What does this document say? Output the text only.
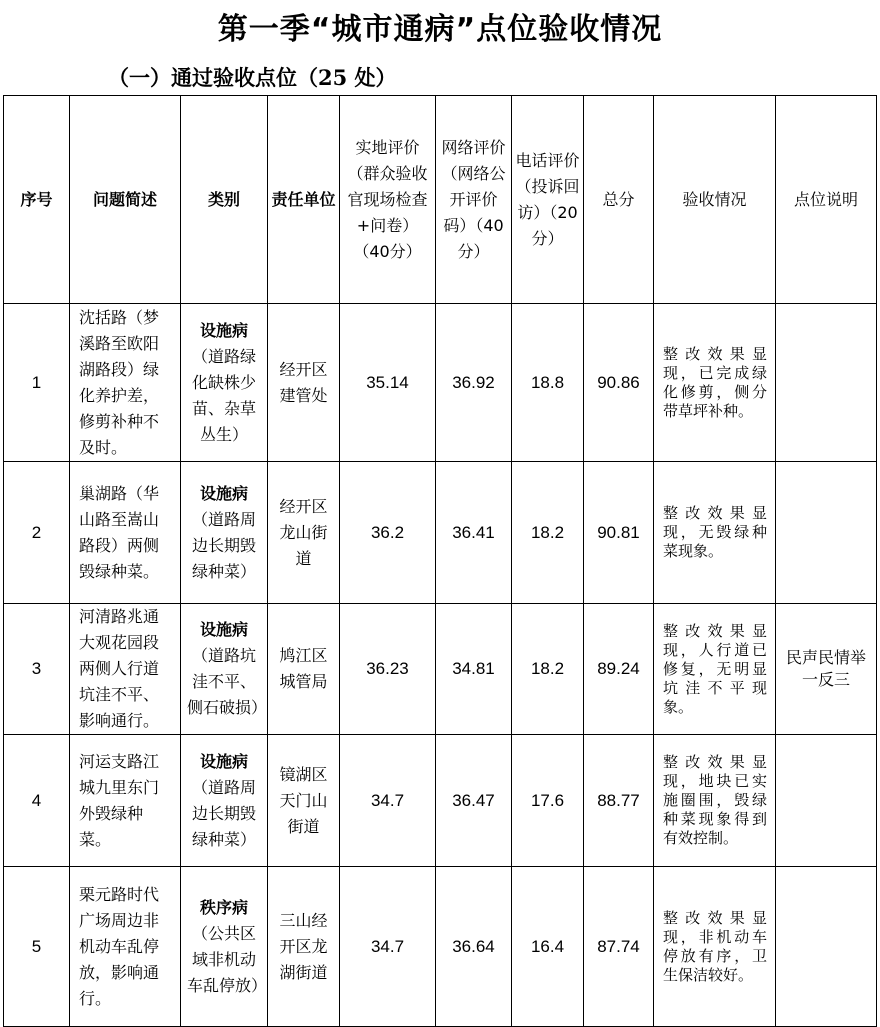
第一季“城市通病”点位验收情况
（一）通过验收点位（25 处）
序号	问题简述	类别	责任单位	实地评价（群众验收官现场检查+问卷）（40分）	网络评价（网络公开评价码）（40分）	电话评价（投诉回访）（20分）	总分	验收情况	点位说明
1	沈括路（梦溪路至欧阳湖路段）绿化养护差，修剪补种不及时。	设施病（道路绿化缺株少苗、杂草丛生）	经开区建管处	35.14	36.92	18.8	90.86	整改效果显现，已完成绿化修剪，侧分带草坪补种。	
2	巢湖路（华山路至嵩山路段）两侧毁绿种菜。	设施病（道路周边长期毁绿种菜）	经开区龙山街道	36.2	36.41	18.2	90.81	整改效果显现，无毁绿种菜现象。	
3	河清路兆通大观花园段两侧人行道坑洼不平、影响通行。	设施病（道路坑洼不平、侧石破损）	鸠江区城管局	36.23	34.81	18.2	89.24	整改效果显现，人行道已修复，无明显坑洼不平现象。	民声民情举一反三
4	河运支路江城九里东门外毁绿种菜。	设施病（道路周边长期毁绿种菜）	镜湖区天门山街道	34.7	36.47	17.6	88.77	整改效果显现，地块已实施圈围，毁绿种菜现象得到有效控制。	
5	栗元路时代广场周边非机动车乱停放，影响通行。	秩序病（公共区域非机动车乱停放）	三山经开区龙湖街道	34.7	36.64	16.4	87.74	整改效果显现，非机动车停放有序，卫生保洁较好。	
